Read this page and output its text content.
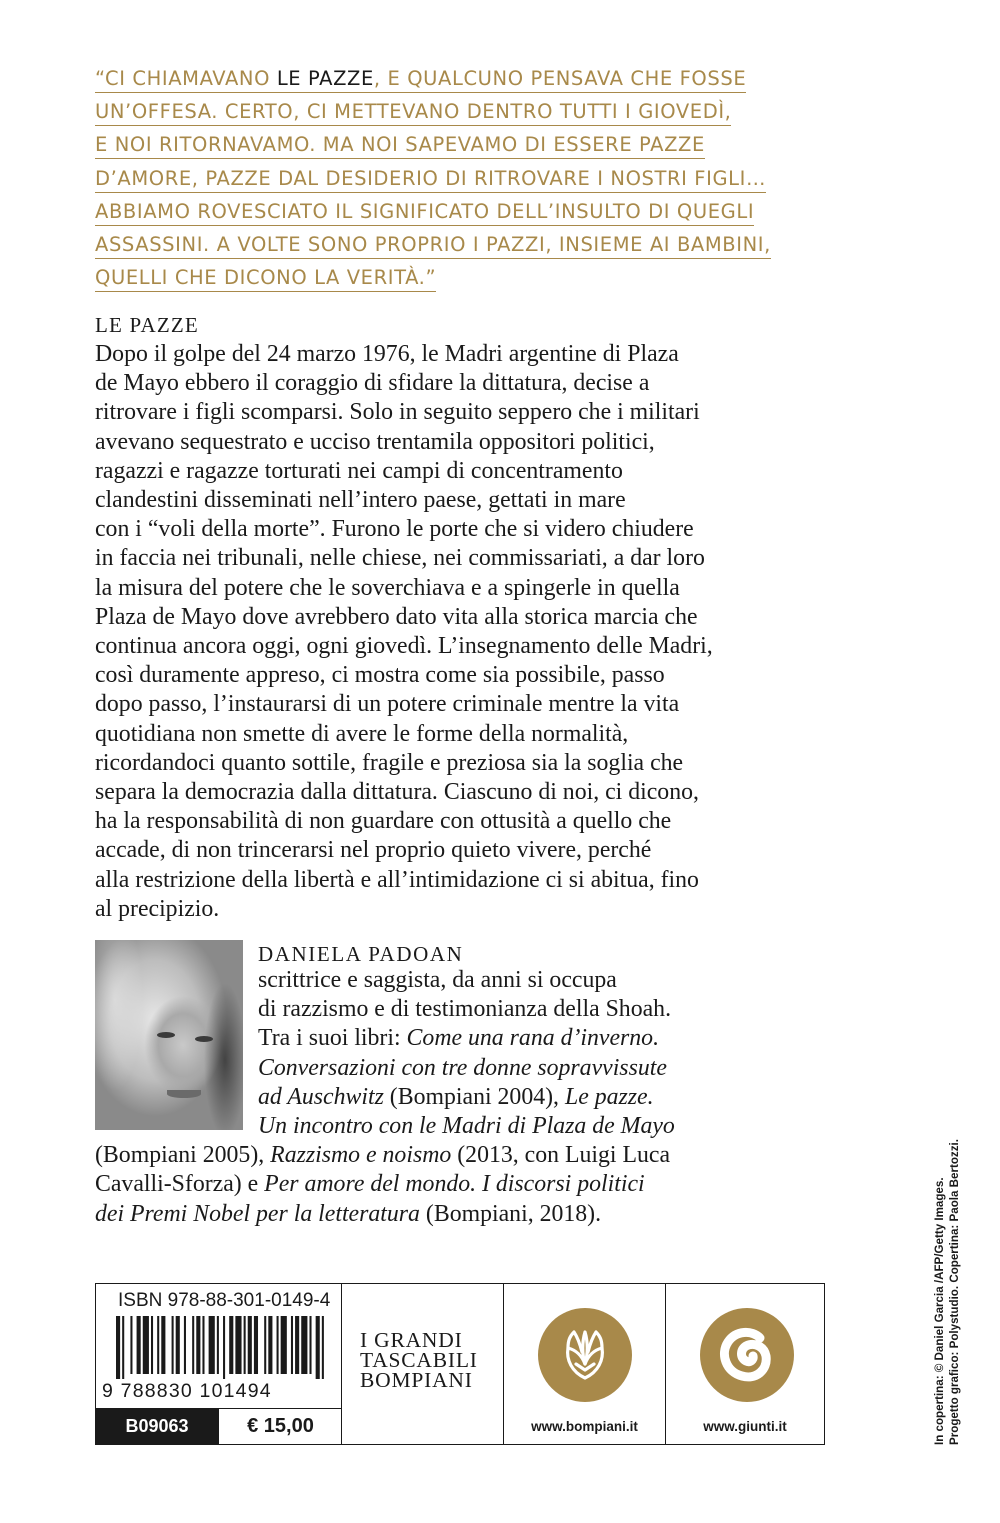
“CI CHIAMAVANO LE PAZZE, E QUALCUNO PENSAVA CHE FOSSE
UN’OFFESA. CERTO, CI METTEVANO DENTRO TUTTI I GIOVEDÌ,
E NOI RITORNAVAMO. MA NOI SAPEVAMO DI ESSERE PAZZE
D’AMORE, PAZZE DAL DESIDERIO DI RITROVARE I NOSTRI FIGLI…
ABBIAMO ROVESCIATO IL SIGNIFICATO DELL’INSULTO DI QUEGLI
ASSASSINI. A VOLTE SONO PROPRIO I PAZZI, INSIEME AI BAMBINI,
QUELLI CHE DICONO LA VERITÀ.”
LE PAZZE
Dopo il golpe del 24 marzo 1976, le Madri argentine di Plaza
de Mayo ebbero il coraggio di sfidare la dittatura, decise a
ritrovare i figli scomparsi. Solo in seguito seppero che i militari
avevano sequestrato e ucciso trentamila oppositori politici,
ragazzi e ragazze torturati nei campi di concentramento
clandestini disseminati nell’intero paese, gettati in mare
con i “voli della morte”. Furono le porte che si videro chiudere
in faccia nei tribunali, nelle chiese, nei commissariati, a dar loro
la misura del potere che le soverchiava e a spingerle in quella
Plaza de Mayo dove avrebbero dato vita alla storica marcia che
continua ancora oggi, ogni giovedì. L’insegnamento delle Madri,
così duramente appreso, ci mostra come sia possibile, passo
dopo passo, l’instaurarsi di un potere criminale mentre la vita
quotidiana non smette di avere le forme della normalità,
ricordandoci quanto sottile, fragile e preziosa sia la soglia che
separa la democrazia dalla dittatura. Ciascuno di noi, ci dicono,
ha la responsabilità di non guardare con ottusità a quello che
accade, di non trincerarsi nel proprio quieto vivere, perché
alla restrizione della libertà e all’intimidazione ci si abitua, fino
al precipizio.
DANIELA PADOAN
scrittrice e saggista, da anni si occupa
di razzismo e di testimonianza della Shoah.
Tra i suoi libri: Come una rana d’inverno.
Conversazioni con tre donne sopravvissute
ad Auschwitz (Bompiani 2004), Le pazze.
Un incontro con le Madri di Plaza de Mayo
(Bompiani 2005), Razzismo e noismo (2013, con Luigi Luca
Cavalli-Sforza) e Per amore del mondo. I discorsi politici
dei Premi Nobel per la letteratura (Bompiani, 2018).	In copertina: © Daniel Garcia /AFP/Getty Images. Progetto grafico: Polystudio. Copertina: Paola Bertozzi.
ISBN 978-88-301-0149-4
9 788830 101494
B09063	€ 15,00
I GRANDI
TASCABILI
BOMPIANI
www.bompiani.it	www.giunti.it
